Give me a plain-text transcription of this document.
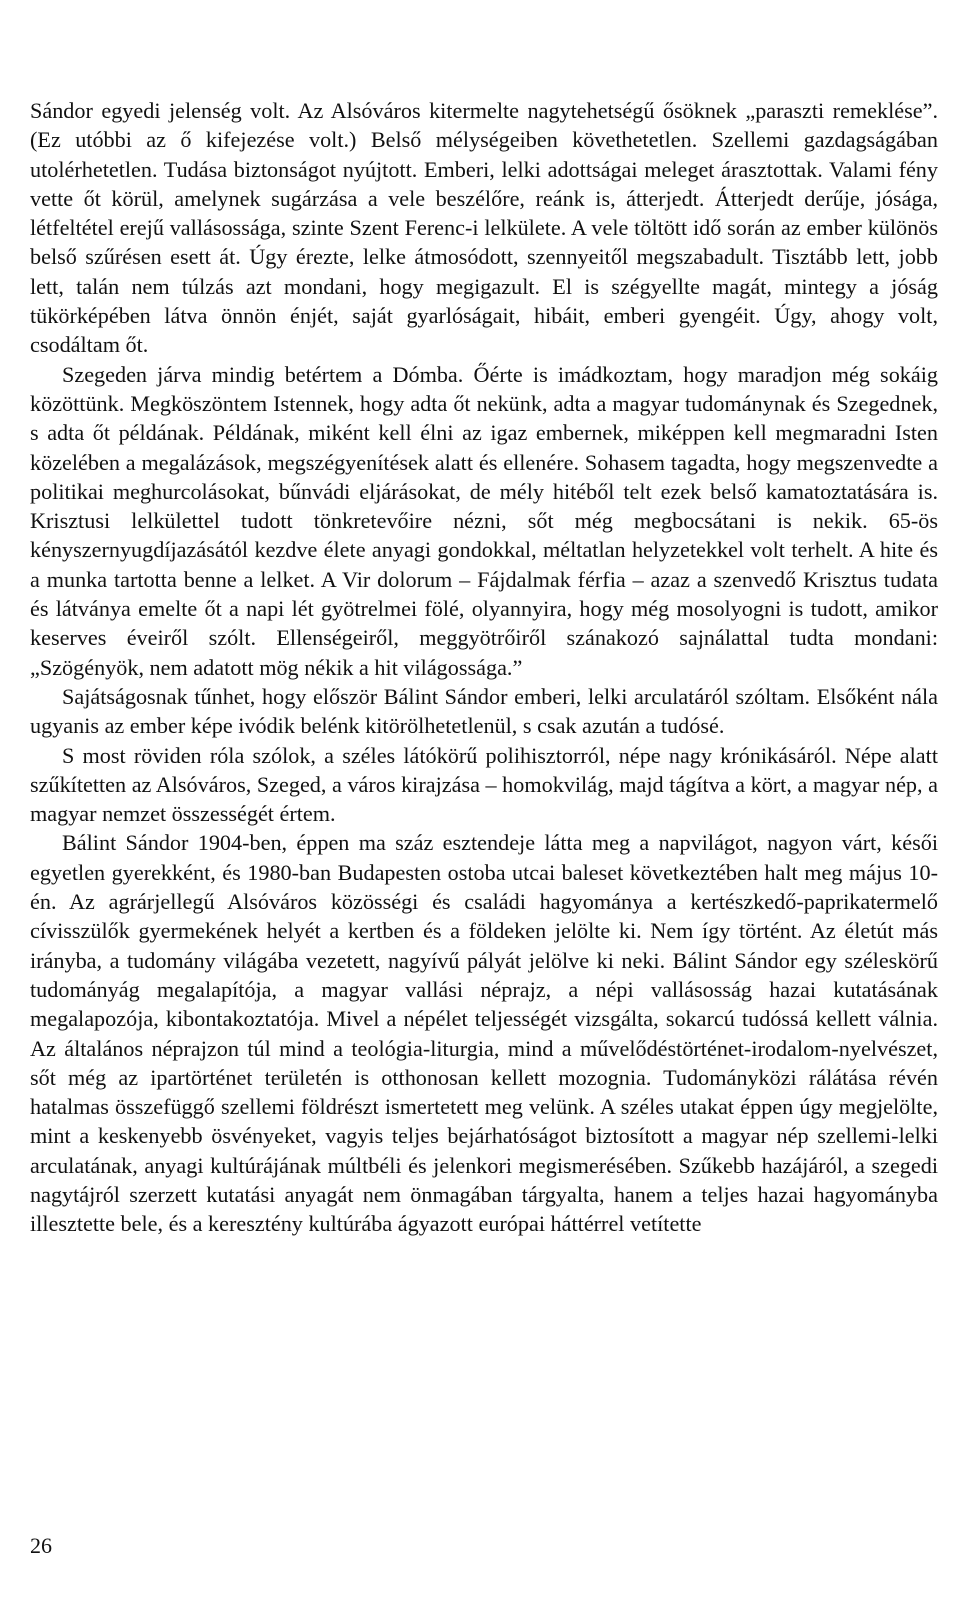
Sándor egyedi jelenség volt. Az Alsóváros kitermelte nagytehetségű ősöknek „paraszti remeklése”. (Ez utóbbi az ő kifejezése volt.) Belső mélységeiben követhetetlen. Szellemi gazdagságában utolérhetetlen. Tudása biztonságot nyújtott. Emberi, lelki adottságai meleget árasztottak. Valami fény vette őt körül, amelynek sugárzása a vele beszélőre, reánk is, átterjedt. Átterjedt derűje, jósága, létfeltétel erejű vallásossága, szinte Szent Ferenc-i lelkülete. A vele töltött idő során az ember különös belső szűrésen esett át. Úgy érezte, lelke átmosódott, szennyeitől megszabadult. Tisztább lett, jobb lett, talán nem túlzás azt mondani, hogy megigazult. El is szégyellte magát, mintegy a jóság tükörképében látva önnön énjét, saját gyarlóságait, hibáit, emberi gyengéit. Úgy, ahogy volt, csodáltam őt.

Szegeden járva mindig betértem a Dómba. Őérte is imádkoztam, hogy maradjon még sokáig közöttünk. Megköszöntem Istennek, hogy adta őt nekünk, adta a magyar tudománynak és Szegednek, s adta őt példának. Példának, miként kell élni az igaz embernek, miképpen kell megmaradni Isten közelében a megalázások, megszégyenítések alatt és ellenére. Sohasem tagadta, hogy megszenvedte a politikai meghurcolásokat, bűnvádi eljárásokat, de mély hitéből telt ezek belső kamatoztatására is. Krisztusi lelkülettel tudott tönkretevőire nézni, sőt még megbocsátani is nekik. 65-ös kényszernyugdíjazásától kezdve élete anyagi gondokkal, méltatlan helyzetekkel volt terhelt. A hite és a munka tartotta benne a lelket. A Vir dolorum – Fájdalmak férfia – azaz a szenvedő Krisztus tudata és látványa emelte őt a napi lét gyötrelmei fölé, olyannyira, hogy még mosolyogni is tudott, amikor keserves éveiről szólt. Ellenségeiről, meggyötrőiről szánakozó sajnálattal tudta mondani: „Szögényök, nem adatott mög nékik a hit világossága.”

Sajátságosnak tűnhet, hogy először Bálint Sándor emberi, lelki arculatáról szóltam. Elsőként nála ugyanis az ember képe ivódik belénk kitörölhetetlenül, s csak azután a tudósé.

S most röviden róla szólok, a széles látókörű polihisztorról, népe nagy krónikásáról. Népe alatt szűkítetten az Alsóváros, Szeged, a város kirajzása – homokvilág, majd tágítva a kört, a magyar nép, a magyar nemzet összességét értem.

Bálint Sándor 1904-ben, éppen ma száz esztendeje látta meg a napvilágot, nagyon várt, késői egyetlen gyerekként, és 1980-ban Budapesten ostoba utcai baleset következtében halt meg május 10-én. Az agrárjellegű Alsóváros közösségi és családi hagyománya a kertészkedő-paprikatermelő cívisszülők gyermekének helyét a kertben és a földeken jelölte ki. Nem így történt. Az életút más irányba, a tudomány világába vezetett, nagyívű pályát jelölve ki neki. Bálint Sándor egy széleskörű tudományág megalapítója, a magyar vallási néprajz, a népi vallásosság hazai kutatásának megalapozója, kibontakoztatója. Mivel a népélet teljességét vizsgálta, sokarcú tudóssá kellett válnia. Az általános néprajzon túl mind a teológia-liturgia, mind a művelődéstörténet-irodalom-nyelvészet, sőt még az ipartörténet területén is otthonosan kellett mozognia. Tudományközi rálátása révén hatalmas összefüggő szellemi földrészt ismertetett meg velünk. A széles utakat éppen úgy megjelölte, mint a keskenyebb ösvényeket, vagyis teljes bejárhatóságot biztosított a magyar nép szellemi-lelki arculatának, anyagi kultúrájának múltbéli és jelenkori megismerésében. Szűkebb hazájáról, a szegedi nagytájról szerzett kutatási anyagát nem önmagában tárgyalta, hanem a teljes hazai hagyományba illesztette bele, és a keresztény kultúrába ágyazott európai háttérrel vetítette

26
